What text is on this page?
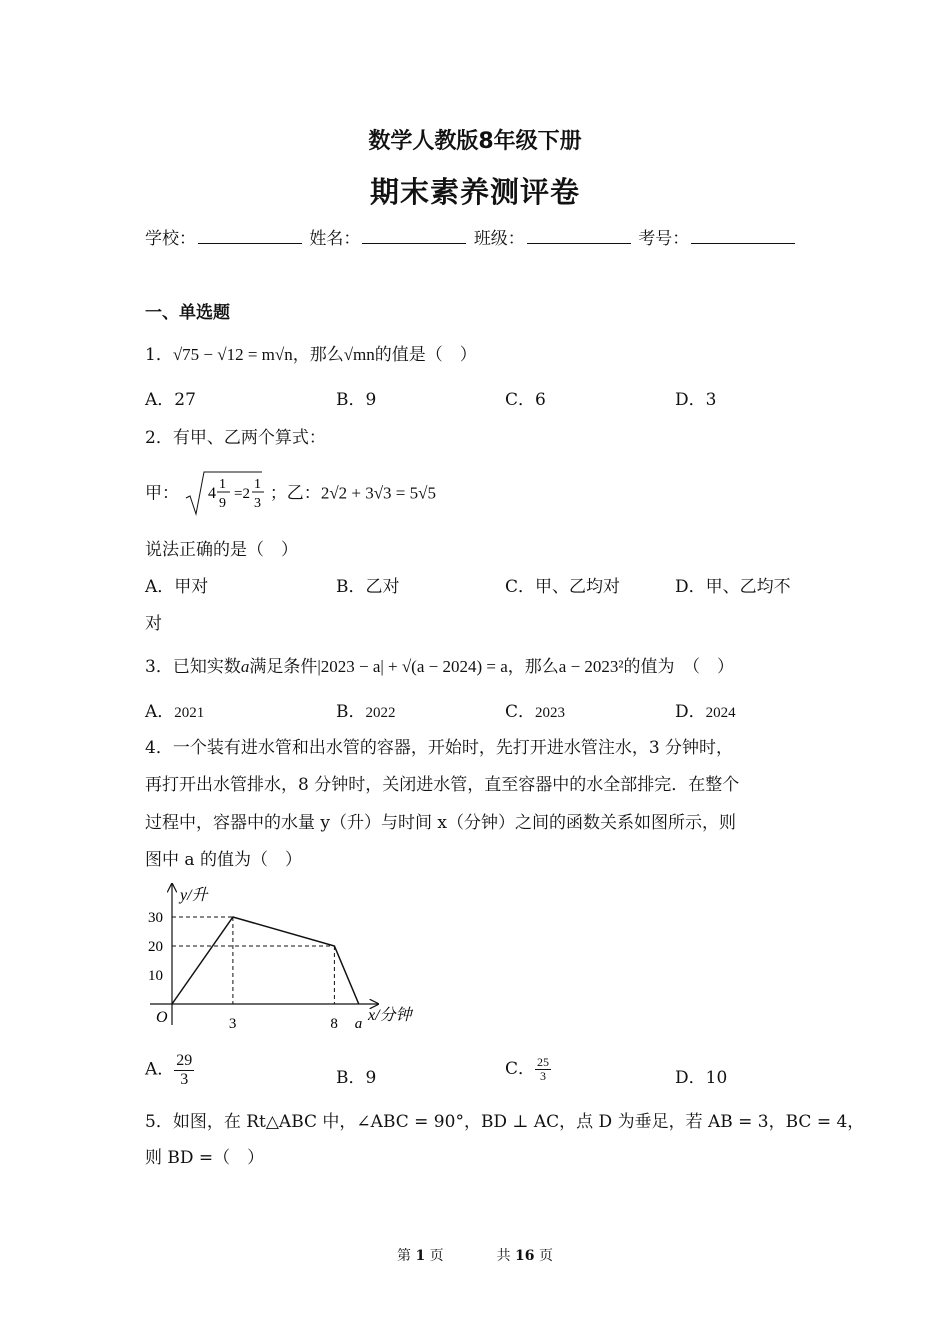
数学人教版8年级下册
期末素养测评卷
学校：	姓名：	班级：	考号：
一、单选题
1．√75 − √12 = m√n，那么√mn的值是（　）
A．27	B．9	C．6	D．3
2．有甲、乙两个算式：
甲： 4
1
9
=2
1
3 ；乙：2√2 + 3√3 = 5√5
说法正确的是（　）
A．甲对	B．乙对	C．甲、乙均对	D．甲、乙均不
对
3．已知实数a满足条件|2023 − a| + √(a − 2024) = a，那么a − 2023²的值为　（　）
A．2021	B．2022	C．2023	D．2024
4．一个装有进水管和出水管的容器，开始时，先打开进水管注水，3 分钟时，
再打开出水管排水，8 分钟时，关闭进水管，直至容器中的水全部排完．在整个
过程中，容器中的水量 y（升）与时间 x（分钟）之间的函数关系如图所示，则
图中 a 的值为（　）
y/升
x/分钟
O
10
20
30
3	8 a
A． $\frac{29}{3}$	B．9	C． $\frac{25}{3}$	D．10
5．如图，在 Rt△ABC 中，∠ABC = 90°，BD ⊥ AC，点 D 为垂足，若 AB = 3，BC = 4，
则 BD =（　）
第 1 页	共 16 页
